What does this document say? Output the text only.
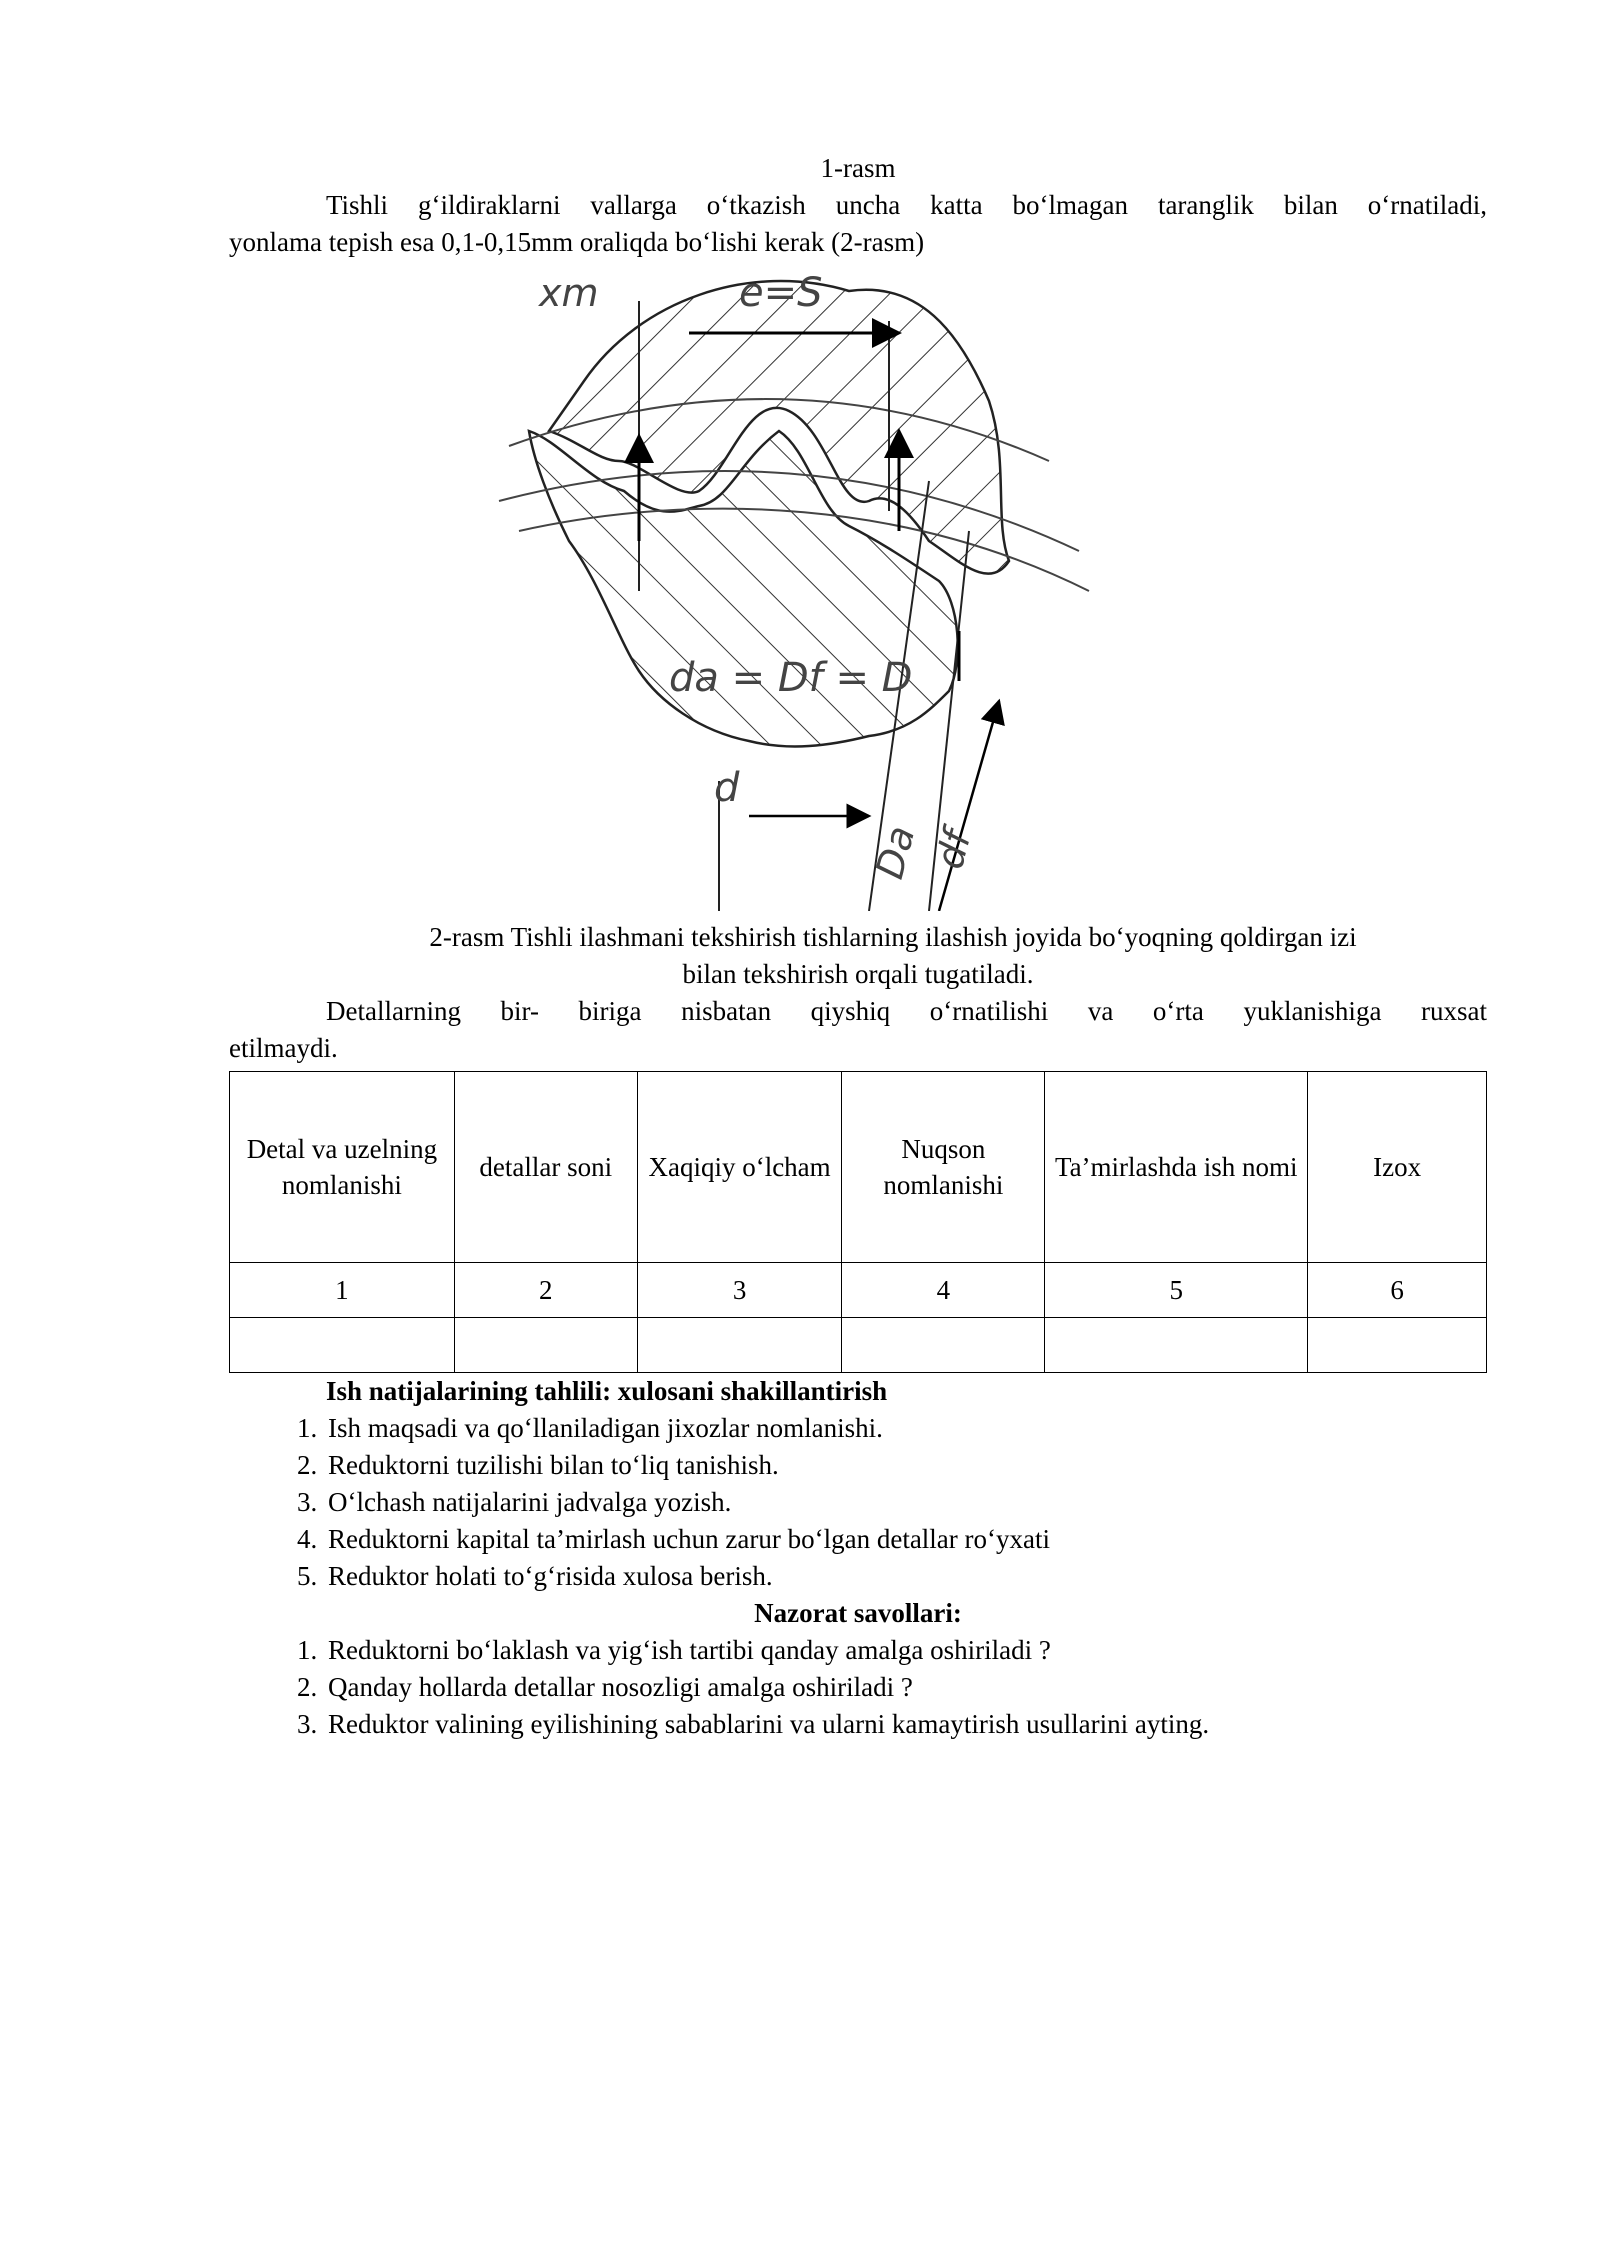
1-rasm

Tishli g‘ildiraklarni vallarga o‘tkazish uncha katta bo‘lmagan taranglik bilan o‘rnatiladi,

yonlama tepish esa 0,1-0,15mm oraliqda bo‘lishi kerak (2-rasm)

xm	e=S
da = Df = D
d
Da df

2-rasm Tishli ilashmani tekshirish tishlarning ilashish joyida bo‘yoqning qoldirgan izi
bilan tekshirish orqali tugatiladi.

Detallarning bir- biriga nisbatan qiyshiq o‘rnatilishi va o‘rta yuklanishiga ruxsat

etilmaydi.

Detal va uzelning nomlanishi	detallar soni	Xaqiqiy o‘lcham	Nuqson nomlanishi	Ta’mirlashda ish nomi	Izox
1	2	3	4	5	6

Ish natijalarining tahlili: xulosani shakillantirish

1. Ish maqsadi va qo‘llaniladigan jixozlar nomlanishi.
2. Reduktorni tuzilishi bilan to‘liq tanishish.
3. O‘lchash natijalarini jadvalga yozish.
4. Reduktorni kapital ta’mirlash uchun zarur bo‘lgan detallar ro‘yxati
5. Reduktor holati to‘g‘risida xulosa berish.

Nazorat savollari:

1. Reduktorni bo‘laklash va yig‘ish tartibi qanday amalga oshiriladi ?
2. Qanday hollarda detallar nosozligi amalga oshiriladi ?
3. Reduktor valining eyilishining sabablarini va ularni kamaytirish usullarini ayting.
